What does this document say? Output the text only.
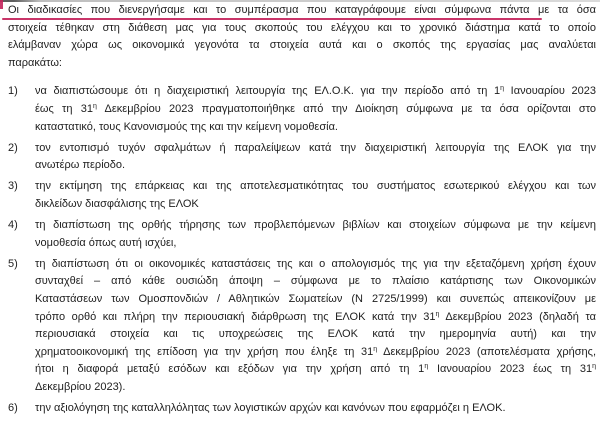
Οι διαδικασίες που διενεργήσαμε και το συμπέρασμα που καταγράφουμε είναι σύμφωνα πάντα με τα όσα
στοιχεία τέθηκαν στη διάθεση μας για τους σκοπούς του ελέγχου και το χρονικό διάστημα κατά το οποίο
ελάμβαναν χώρα ως οικονομικά γεγονότα τα στοιχεία αυτά και ο σκοπός της εργασίας μας αναλύεται
παρακάτω:
1)	να διαπιστώσουμε ότι η διαχειριστική λειτουργία της ΕΛ.Ο.Κ. για την περίοδο από τη $1^\eta$ Ιανουαρίου 2023
έως τη $31^\eta$ Δεκεμβρίου 2023 πραγματοποιήθηκε από την Διοίκηση σύμφωνα με τα όσα ορίζονται στο
καταστατικό, τους Κανονισμούς της και την κείμενη νομοθεσία.
2)	τον εντοπισμό τυχόν σφαλμάτων ή παραλείψεων κατά την διαχειριστική λειτουργία της ΕΛΟΚ για την
ανωτέρω περίοδο.
3)	την εκτίμηση της επάρκειας και της αποτελεσματικότητας του συστήματος εσωτερικού ελέγχου και των
δικλείδων διασφάλισης της ΕΛΟΚ
4)	τη διαπίστωση της ορθής τήρησης των προβλεπόμενων βιβλίων και στοιχείων σύμφωνα με την κείμενη
νομοθεσία όπως αυτή ισχύει,
5)	τη διαπίστωση ότι οι οικονομικές καταστάσεις της και ο απολογισμός της για την εξεταζόμενη χρήση έχουν
συνταχθεί – από κάθε ουσιώδη άποψη – σύμφωνα με το πλαίσιο κατάρτισης των Οικονομικών
Καταστάσεων των Ομοσπονδιών / Αθλητικών Σωματείων (Ν 2725/1999) και συνεπώς απεικονίζουν με
τρόπο ορθό και πλήρη την περιουσιακή διάρθρωση της ΕΛΟΚ κατά την $31^\eta$ Δεκεμβρίου 2023 (δηλαδή τα
περιουσιακά στοιχεία και τις υποχρεώσεις της ΕΛΟΚ κατά την ημερομηνία αυτή) και την
χρηματοοικονομική της επίδοση για την χρήση που έληξε τη $31^\eta$ Δεκεμβρίου 2023 (αποτελέσματα χρήσης,
ήτοι η διαφορά μεταξύ εσόδων και εξόδων για την χρήση από τη $1^\eta$ Ιανουαρίου 2023 έως τη $31^\eta$
Δεκεμβρίου 2023).
6)	την αξιολόγηση της καταλληλόλητας των λογιστικών αρχών και κανόνων που εφαρμόζει η ΕΛΟΚ.
